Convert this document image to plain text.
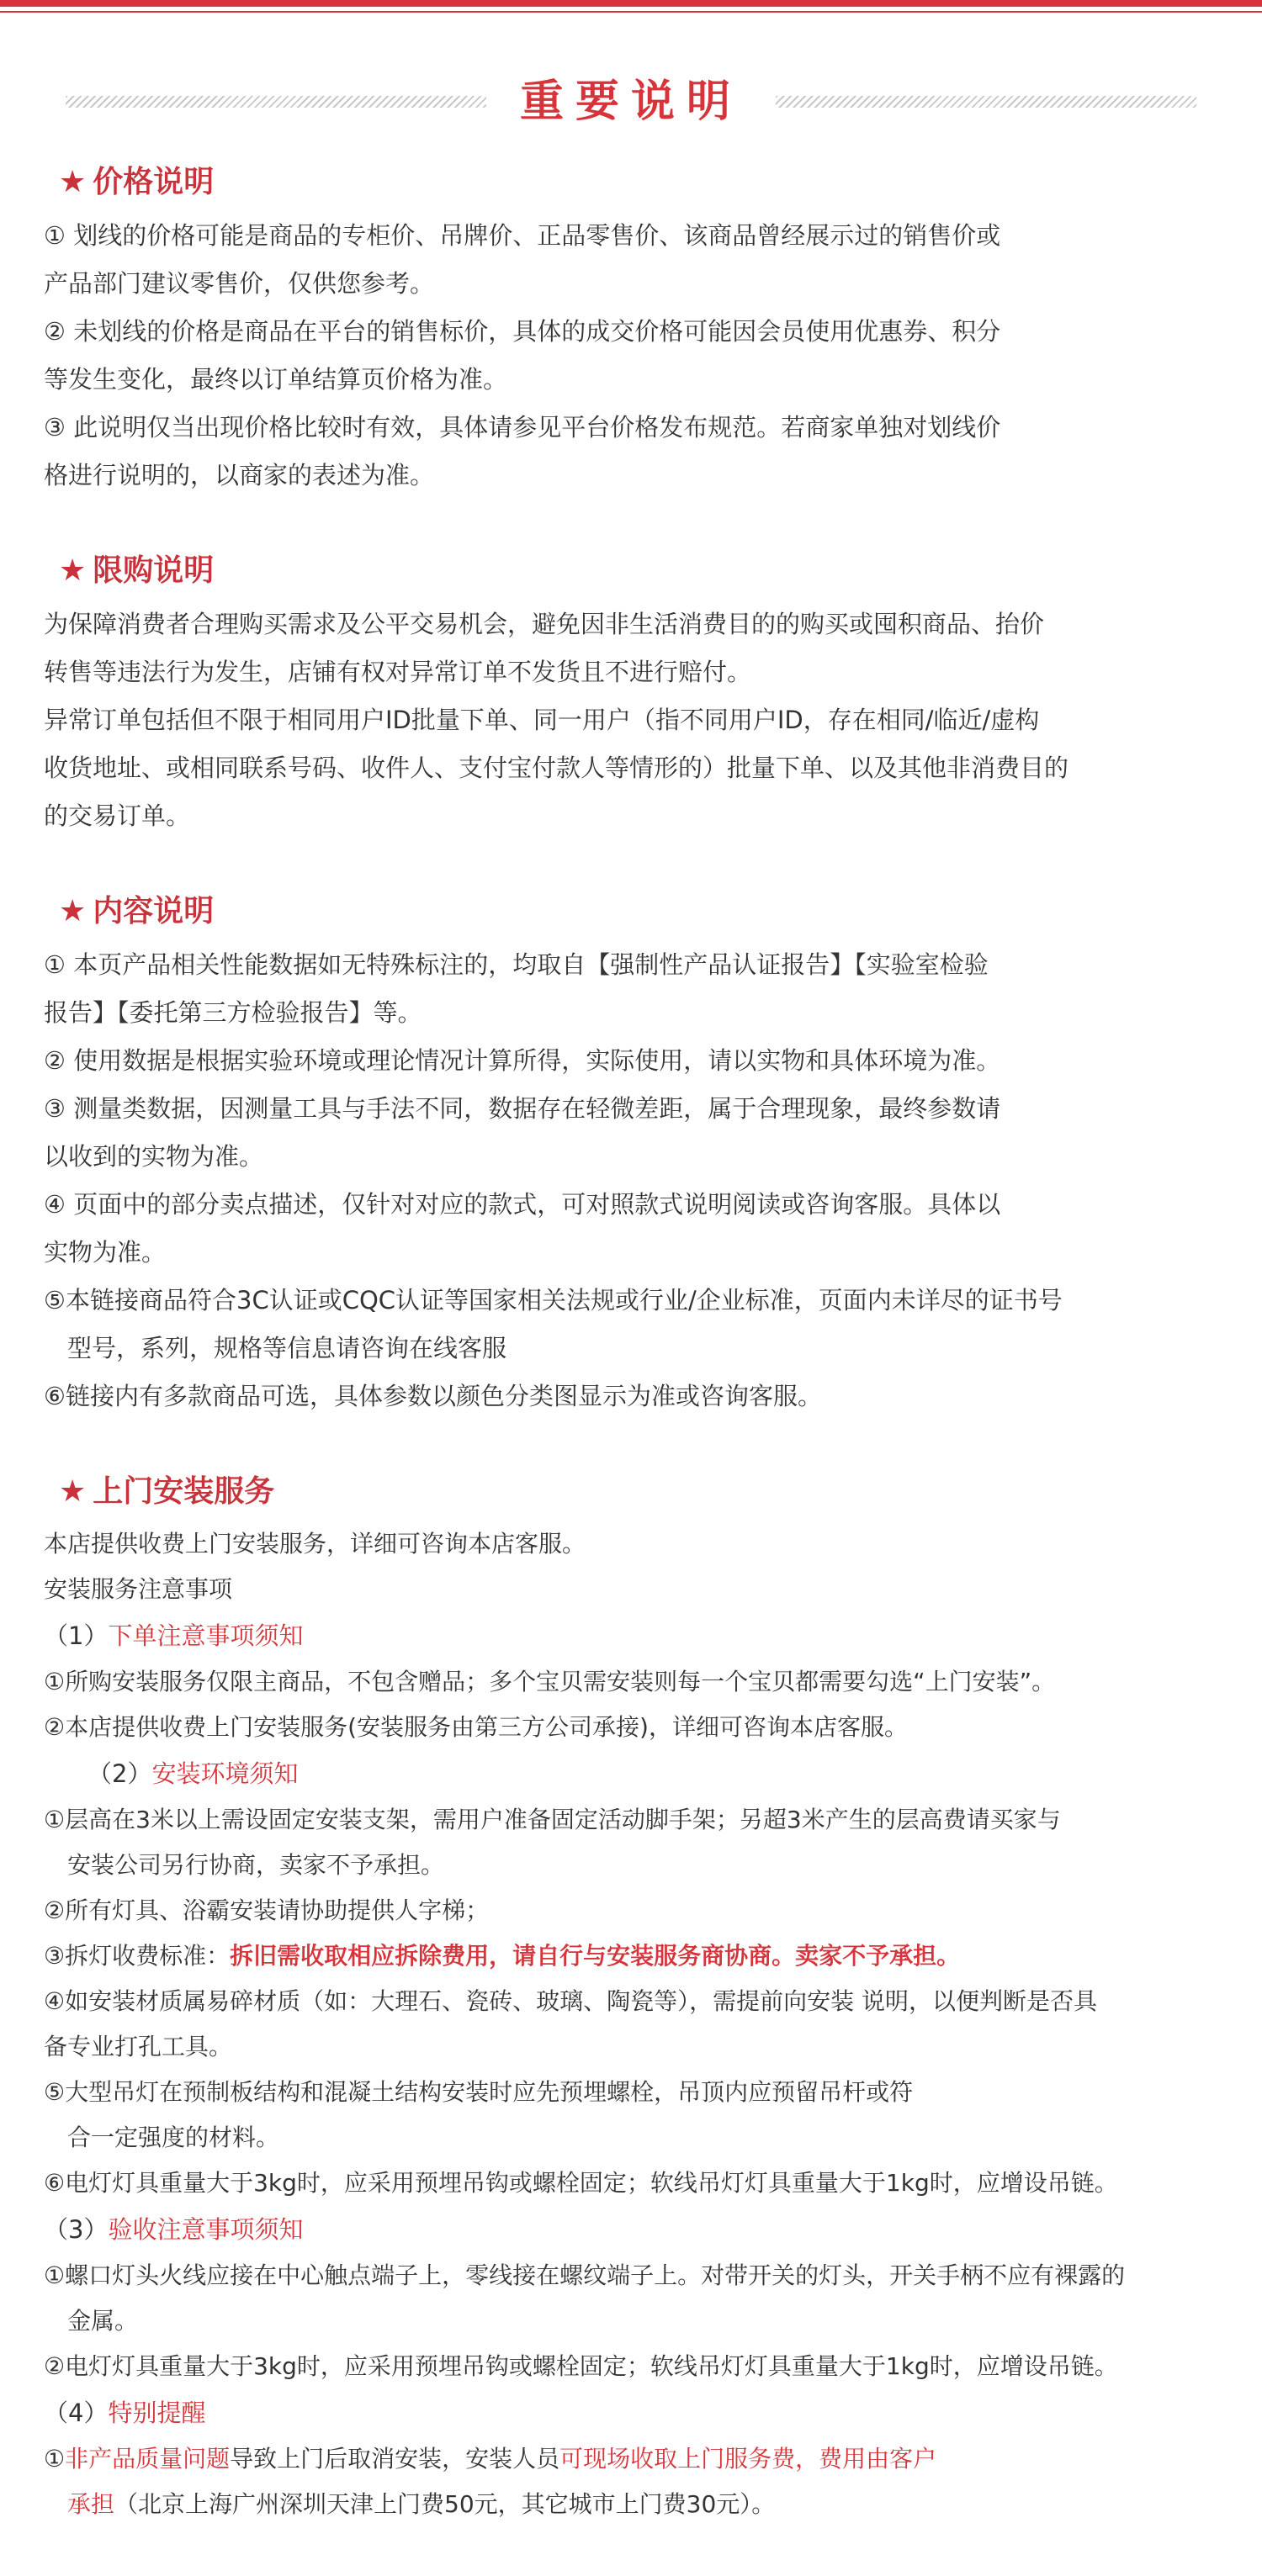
重要说明
★ 价格说明

① 划线的价格可能是商品的专柜价、吊牌价、正品零售价、该商品曾经展示过的销售价或

产品部门建议零售价，仅供您参考。

② 未划线的价格是商品在平台的销售标价，具体的成交价格可能因会员使用优惠券、积分

等发生变化，最终以订单结算页价格为准。

③ 此说明仅当出现价格比较时有效，具体请参见平台价格发布规范。若商家单独对划线价

格进行说明的，以商家的表述为准。

★ 限购说明

为保障消费者合理购买需求及公平交易机会，避免因非生活消费目的的购买或囤积商品、抬价

转售等违法行为发生，店铺有权对异常订单不发货且不进行赔付。

异常订单包括但不限于相同用户ID批量下单、同一用户（指不同用户ID，存在相同/临近/虚构

收货地址、或相同联系号码、收件人、支付宝付款人等情形的）批量下单、以及其他非消费目的

的交易订单。

★ 内容说明

① 本页产品相关性能数据如无特殊标注的，均取自【强制性产品认证报告】【实验室检验

报告】【委托第三方检验报告】等。

② 使用数据是根据实验环境或理论情况计算所得，实际使用，请以实物和具体环境为准。

③ 测量类数据，因测量工具与手法不同，数据存在轻微差距，属于合理现象，最终参数请

以收到的实物为准。

④ 页面中的部分卖点描述，仅针对对应的款式，可对照款式说明阅读或咨询客服。具体以

实物为准。

⑤本链接商品符合3C认证或CQC认证等国家相关法规或行业/企业标准，页面内未详尽的证书号

型号，系列，规格等信息请咨询在线客服

⑥链接内有多款商品可选，具体参数以颜色分类图显示为准或咨询客服。

★ 上门安装服务

本店提供收费上门安装服务，详细可咨询本店客服。

安装服务注意事项

（1）下单注意事项须知

①所购安装服务仅限主商品，不包含赠品；多个宝贝需安装则每一个宝贝都需要勾选“上门安装”。

②本店提供收费上门安装服务(安装服务由第三方公司承接)，详细可咨询本店客服。

（2）安装环境须知

①层高在3米以上需设固定安装支架，需用户准备固定活动脚手架；另超3米产生的层高费请买家与

安装公司另行协商，卖家不予承担。

②所有灯具、浴霸安装请协助提供人字梯；

③拆灯收费标准：拆旧需收取相应拆除费用，请自行与安装服务商协商。卖家不予承担。

④如安装材质属易碎材质（如：大理石、瓷砖、玻璃、陶瓷等），需提前向安装 说明，以便判断是否具

备专业打孔工具。

⑤大型吊灯在预制板结构和混凝土结构安装时应先预埋螺栓，吊顶内应预留吊杆或符

合一定强度的材料。

⑥电灯灯具重量大于3kg时，应采用预埋吊钩或螺栓固定；软线吊灯灯具重量大于1kg时，应增设吊链。

（3）验收注意事项须知

①螺口灯头火线应接在中心触点端子上，零线接在螺纹端子上。对带开关的灯头，开关手柄不应有裸露的

金属。

②电灯灯具重量大于3kg时，应采用预埋吊钩或螺栓固定；软线吊灯灯具重量大于1kg时，应增设吊链。

（4）特别提醒

①非产品质量问题导致上门后取消安装，安装人员可现场收取上门服务费，费用由客户

承担（北京上海广州深圳天津上门费50元，其它城市上门费30元）。
